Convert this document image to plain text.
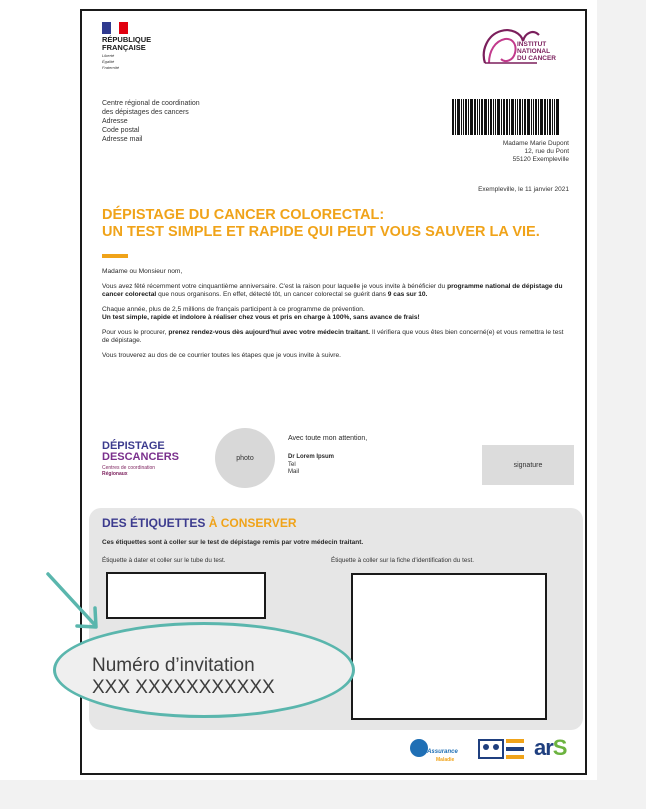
RÉPUBLIQUE
FRANÇAISE
Liberté
Égalité
Fraternité
INSTITUT
NATIONAL
DU CANCER
Centre régional de coordination
des dépistages des cancers
Adresse
Code postal
Adresse mail
Madame Marie Dupont
12, rue du Pont
55120 Exempleville
Exempleville, le 11 janvier 2021
DÉPISTAGE DU CANCER COLORECTAL:
UN TEST SIMPLE ET RAPIDE QUI PEUT VOUS SAUVER LA VIE.

Madame ou Monsieur nom,

Vous avez fêté récemment votre cinquantième anniversaire. C'est la raison pour laquelle je vous invite à bénéficier du programme national de dépistage du cancer colorectal que nous organisons. En effet, détecté tôt, un cancer colorectal se guérit dans 9 cas sur 10.

Chaque année, plus de 2,5 millions de français participent à ce programme de prévention.
Un test simple, rapide et indolore à réaliser chez vous et pris en charge à 100%, sans avance de frais!

Pour vous le procurer, prenez rendez-vous dès aujourd'hui avec votre médecin traitant. Il vérifiera que vous êtes bien concerné(e) et vous remettra le test de dépistage.

Vous trouverez au dos de ce courrier toutes les étapes que je vous invite à suivre.

DÉPISTAGE
DESCANCERS
Centres de coordination
Régionaux
photo
Avec toute mon attention,
Dr Lorem Ipsum
Tel
Mail
signature
DES ÉTIQUETTES À CONSERVER
Ces étiquettes sont à coller sur le test de dépistage remis par votre médecin traitant.
Étiquette à dater et coller sur le tube du test.	Étiquette à coller sur la fiche d'identification du test.
l'Assurance
Maladie	arS
Numéro d’invitation
XXX XXXXXXXXXXX
